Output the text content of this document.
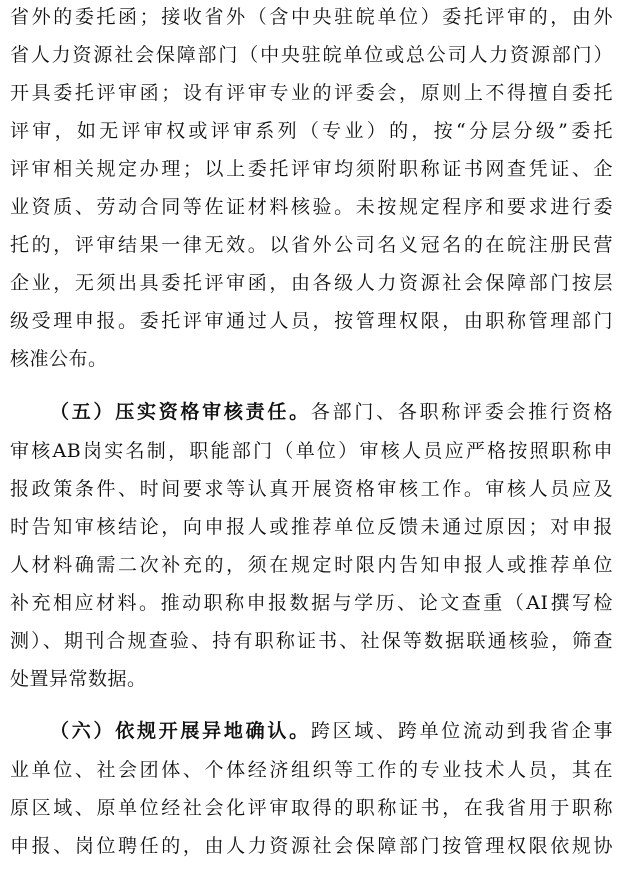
省外的委托函；接收省外（含中央驻皖单位）委托评审的，由外
省人力资源社会保障部门（中央驻皖单位或总公司人力资源部门）
开具委托评审函；设有评审专业的评委会，原则上不得擅自委托
评审，如无评审权或评审系列（专业）的，按“分层分级”委托
评审相关规定办理；以上委托评审均须附职称证书网查凭证、企
业资质、劳动合同等佐证材料核验。未按规定程序和要求进行委
托的，评审结果一律无效。以省外公司名义冠名的在皖注册民营
企业，无须出具委托评审函，由各级人力资源社会保障部门按层
级受理申报。委托评审通过人员，按管理权限，由职称管理部门
核准公布。
（五）压实资格审核责任。各部门、各职称评委会推行资格
审核AB岗实名制，职能部门（单位）审核人员应严格按照职称申
报政策条件、时间要求等认真开展资格审核工作。审核人员应及
时告知审核结论，向申报人或推荐单位反馈未通过原因；对申报
人材料确需二次补充的，须在规定时限内告知申报人或推荐单位
补充相应材料。推动职称申报数据与学历、论文查重（AI撰写检
测）、期刊合规查验、持有职称证书、社保等数据联通核验，筛查
处置异常数据。
（六）依规开展异地确认。跨区域、跨单位流动到我省企事
业单位、社会团体、个体经济组织等工作的专业技术人员，其在
原区域、原单位经社会化评审取得的职称证书，在我省用于职称
申报、岗位聘任的，由人力资源社会保障部门按管理权限依规协
